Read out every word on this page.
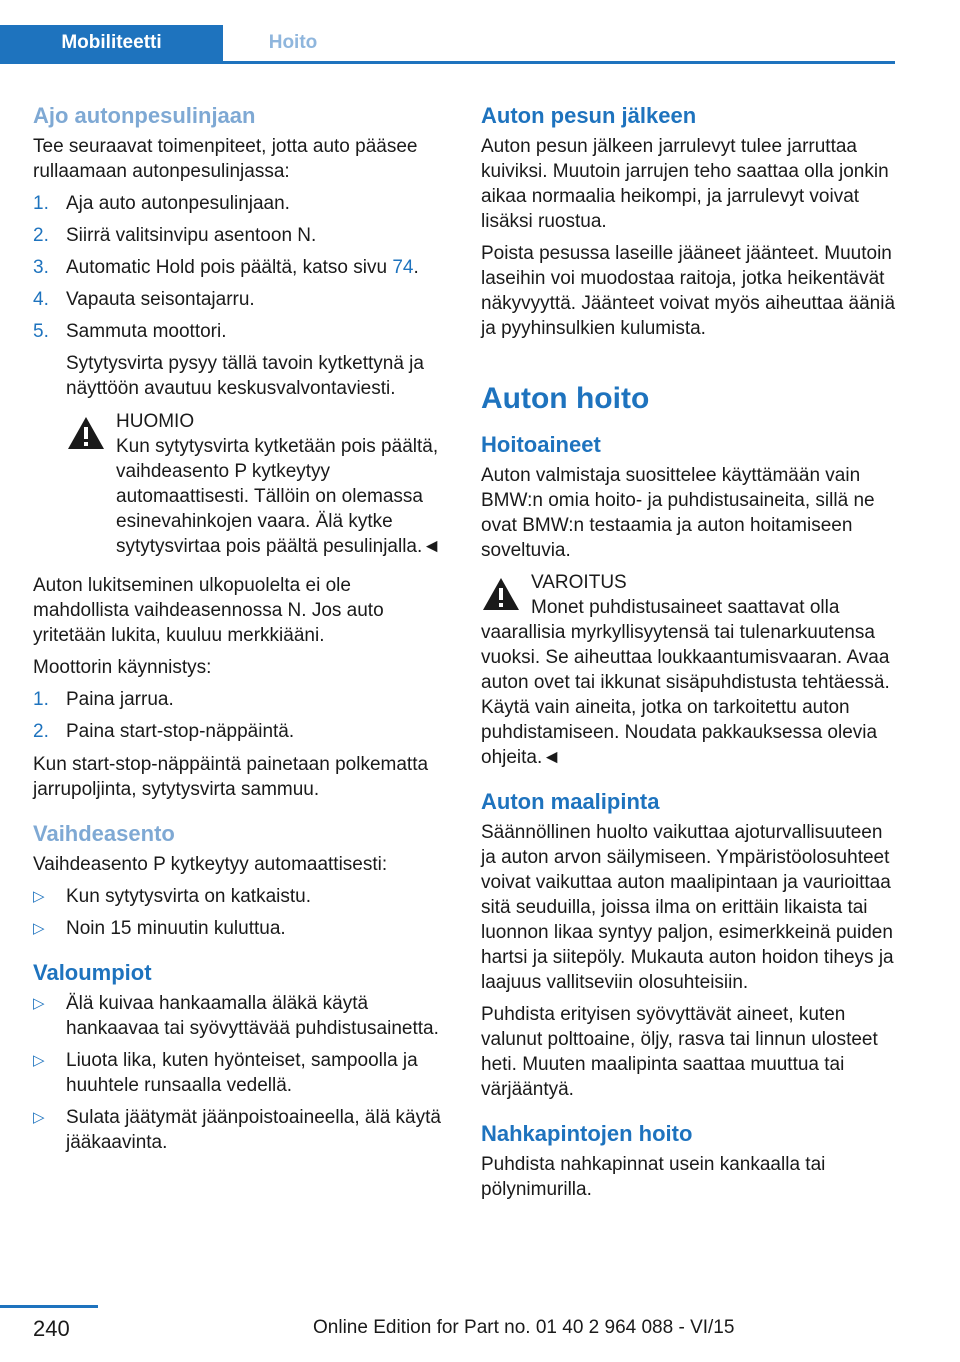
Mobiliteetti	Hoito
Ajo autonpesulinjaan

Tee seuraavat toimenpiteet, jotta auto pääsee rullaamaan autonpesulinjassa:

1. Aja auto autonpesulinjaan.
2. Siirrä valitsinvipu asentoon N.
3. Automatic Hold pois päältä, katso sivu 74.
4. Vapauta seisontajarru.
5. Sammuta moottori.
Sytytysvirta pysyy tällä tavoin kytkettynä ja näyttöön avautuu keskusvalvontaviesti.
HUOMIO
Kun sytytysvirta kytketään pois päältä, vaihdeasento P kytkeytyy automaattisesti. Tällöin on olemassa esinevahinkojen vaara. Älä kytke sytytysvirtaa pois päältä pesulinjalla.◄

Auton lukitseminen ulkopuolelta ei ole mahdollista vaihdeasennossa N. Jos auto yritetään lukita, kuuluu merkkiääni.

Moottorin käynnistys:

1. Paina jarrua.
2. Paina start-stop-näppäintä.

Kun start-stop-näppäintä painetaan polkematta jarrupoljinta, sytytysvirta sammuu.

Vaihdeasento

Vaihdeasento P kytkeytyy automaattisesti:

▷ Kun sytytysvirta on katkaistu.
▷ Noin 15 minuutin kuluttua.
Valoumpiot
▷ Älä kuivaa hankaamalla äläkä käytä hankaavaa tai syövyttävää puhdistusainetta.
▷ Liuota lika, kuten hyönteiset, sampoolla ja huuhtele runsaalla vedellä.
▷ Sulata jäätymät jäänpoistoaineella, älä käytä jääkaavinta.
Auton pesun jälkeen

Auton pesun jälkeen jarrulevyt tulee jarruttaa kuiviksi. Muutoin jarrujen teho saattaa olla jonkin aikaa normaalia heikompi, ja jarrulevyt voivat lisäksi ruostua.

Poista pesussa laseille jääneet jäänteet. Muutoin laseihin voi muodostaa raitoja, jotka heikentävät näkyvyyttä. Jäänteet voivat myös aiheuttaa ääniä ja pyyhinsulkien kulumista.

Auton hoito
Hoitoaineet

Auton valmistaja suosittelee käyttämään vain BMW:n omia hoito- ja puhdistusaineita, sillä ne ovat BMW:n testaamia ja auton hoitamiseen soveltuvia.

VAROITUS
Monet puhdistusaineet saattavat olla vaarallisia myrkyllisyytensä tai tulenarkuutensa vuoksi. Se aiheuttaa loukkaantumisvaaran. Avaa auton ovet tai ikkunat sisäpuhdistusta tehtäessä. Käytä vain aineita, jotka on tarkoitettu auton puhdistamiseen. Noudata pakkauksessa olevia ohjeita.◄
Auton maalipinta

Säännöllinen huolto vaikuttaa ajoturvallisuuteen ja auton arvon säilymiseen. Ympäristöolosuhteet voivat vaikuttaa auton maalipintaan ja vaurioittaa sitä seuduilla, joissa ilma on erittäin likaista tai luonnon likaa syntyy paljon, esimerkkeinä puiden hartsi ja siitepöly. Mukauta auton hoidon tiheys ja laajuus vallitseviin olosuhteisiin.

Puhdista erityisen syövyttävät aineet, kuten valunut polttoaine, öljy, rasva tai linnun ulosteet heti. Muuten maalipinta saattaa muuttua tai värjääntyä.

Nahkapintojen hoito

Puhdista nahkapinnat usein kankaalla tai pölynimurilla.

240	Online Edition for Part no. 01 40 2 964 088 - VI/15
